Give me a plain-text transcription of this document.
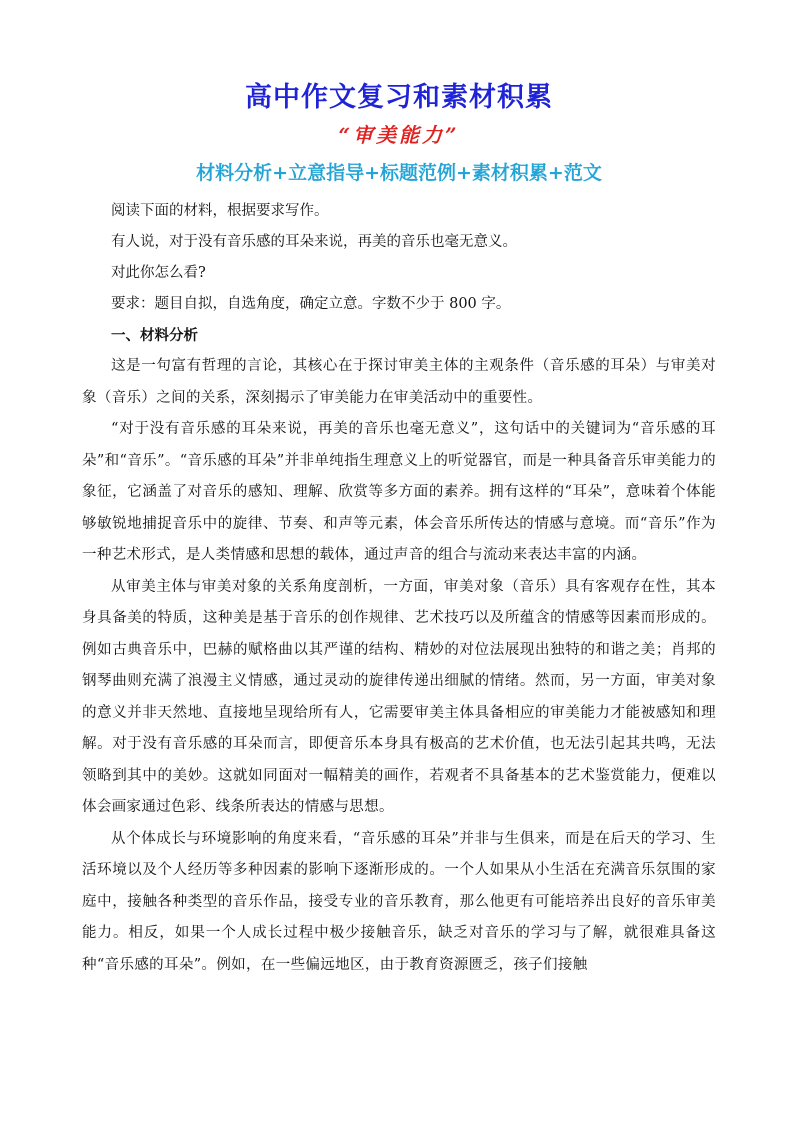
高中作文复习和素材积累
“审美能力”
材料分析+立意指导+标题范例+素材积累+范文

阅读下面的材料，根据要求写作。

有人说，对于没有音乐感的耳朵来说，再美的音乐也毫无意义。

对此你怎么看?

要求：题目自拟，自选角度，确定立意。字数不少于 800 字。

一、材料分析

这是一句富有哲理的言论，其核心在于探讨审美主体的主观条件（音乐感的耳朵）与审美对象（音乐）之间的关系，深刻揭示了审美能力在审美活动中的重要性。

“对于没有音乐感的耳朵来说，再美的音乐也毫无意义”，这句话中的关键词为“音乐感的耳朵”和“音乐”。“音乐感的耳朵”并非单纯指生理意义上的听觉器官，而是一种具备音乐审美能力的象征，它涵盖了对音乐的感知、理解、欣赏等多方面的素养。拥有这样的“耳朵”，意味着个体能够敏锐地捕捉音乐中的旋律、节奏、和声等元素，体会音乐所传达的情感与意境。而“音乐”作为一种艺术形式，是人类情感和思想的载体，通过声音的组合与流动来表达丰富的内涵。

从审美主体与审美对象的关系角度剖析，一方面，审美对象（音乐）具有客观存在性，其本身具备美的特质，这种美是基于音乐的创作规律、艺术技巧以及所蕴含的情感等因素而形成的。例如古典音乐中，巴赫的赋格曲以其严谨的结构、精妙的对位法展现出独特的和谐之美；肖邦的钢琴曲则充满了浪漫主义情感，通过灵动的旋律传递出细腻的情绪。然而，另一方面，审美对象的意义并非天然地、直接地呈现给所有人，它需要审美主体具备相应的审美能力才能被感知和理解。对于没有音乐感的耳朵而言，即便音乐本身具有极高的艺术价值，也无法引起其共鸣，无法领略到其中的美妙。这就如同面对一幅精美的画作，若观者不具备基本的艺术鉴赏能力，便难以体会画家通过色彩、线条所表达的情感与思想。

从个体成长与环境影响的角度来看，“音乐感的耳朵”并非与生俱来，而是在后天的学习、生活环境以及个人经历等多种因素的影响下逐渐形成的。一个人如果从小生活在充满音乐氛围的家庭中，接触各种类型的音乐作品，接受专业的音乐教育，那么他更有可能培养出良好的音乐审美能力。相反，如果一个人成长过程中极少接触音乐，缺乏对音乐的学习与了解，就很难具备这种“音乐感的耳朵”。例如，在一些偏远地区，由于教育资源匮乏，孩子们接触
